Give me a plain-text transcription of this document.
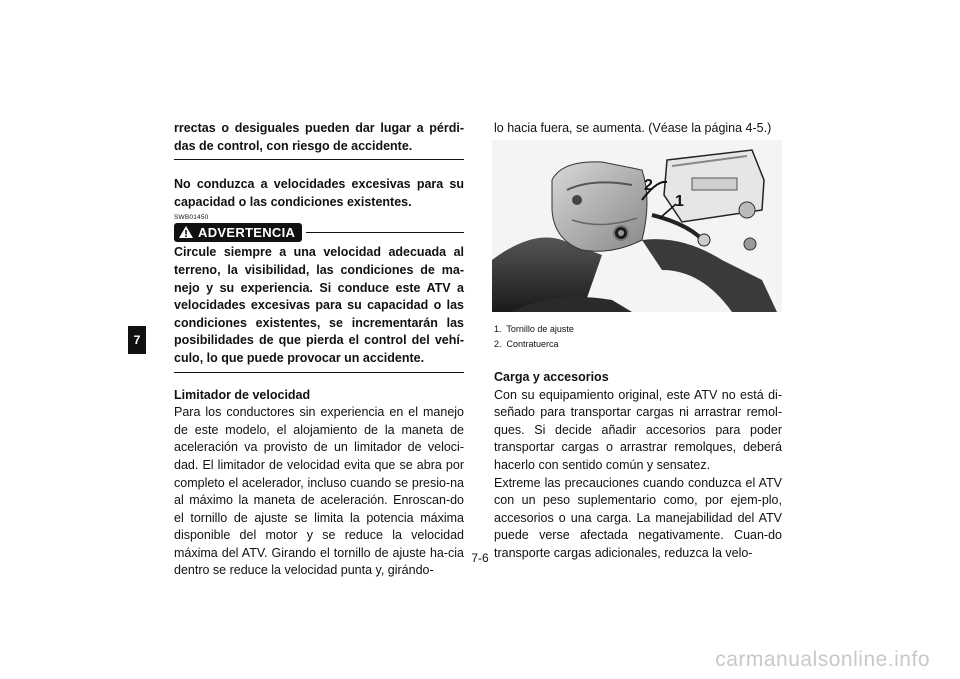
7

rrectas o desiguales pueden dar lugar a pérdi-das de control, con riesgo de accidente.

No conduzca a velocidades excesivas para su capacidad o las condiciones existentes.

SWB01450
ADVERTENCIA

Circule siempre a una velocidad adecuada al terreno, la visibilidad, las condiciones de ma-nejo y su experiencia. Si conduce este ATV a velocidades excesivas para su capacidad o las condiciones existentes, se incrementarán las posibilidades de que pierda el control del vehí-culo, lo que puede provocar un accidente.

Limitador de velocidad

Para los conductores sin experiencia en el manejo de este modelo, el alojamiento de la maneta de aceleración va provisto de un limitador de veloci-dad. El limitador de velocidad evita que se abra por completo el acelerador, incluso cuando se presio-na al máximo la maneta de aceleración. Enroscan-do el tornillo de ajuste se limita la potencia máxima disponible del motor y se reduce la velocidad máxima del ATV. Girando el tornillo de ajuste ha-cia dentro se reduce la velocidad punta y, girándo-

lo hacia fuera, se aumenta. (Véase la página 4-5.)

2
1
1. Tornillo de ajuste
2. Contratuerca

Carga y accesorios

Con su equipamiento original, este ATV no está di-señado para transportar cargas ni arrastrar remol-ques. Si decide añadir accesorios para poder transportar cargas o arrastrar remolques, deberá hacerlo con sentido común y sensatez.

Extreme las precauciones cuando conduzca el ATV con un peso suplementario como, por ejem-plo, accesorios o una carga. La manejabilidad del ATV puede verse afectada negativamente. Cuan-do transporte cargas adicionales, reduzca la velo-

7-6
carmanualsonline.info
